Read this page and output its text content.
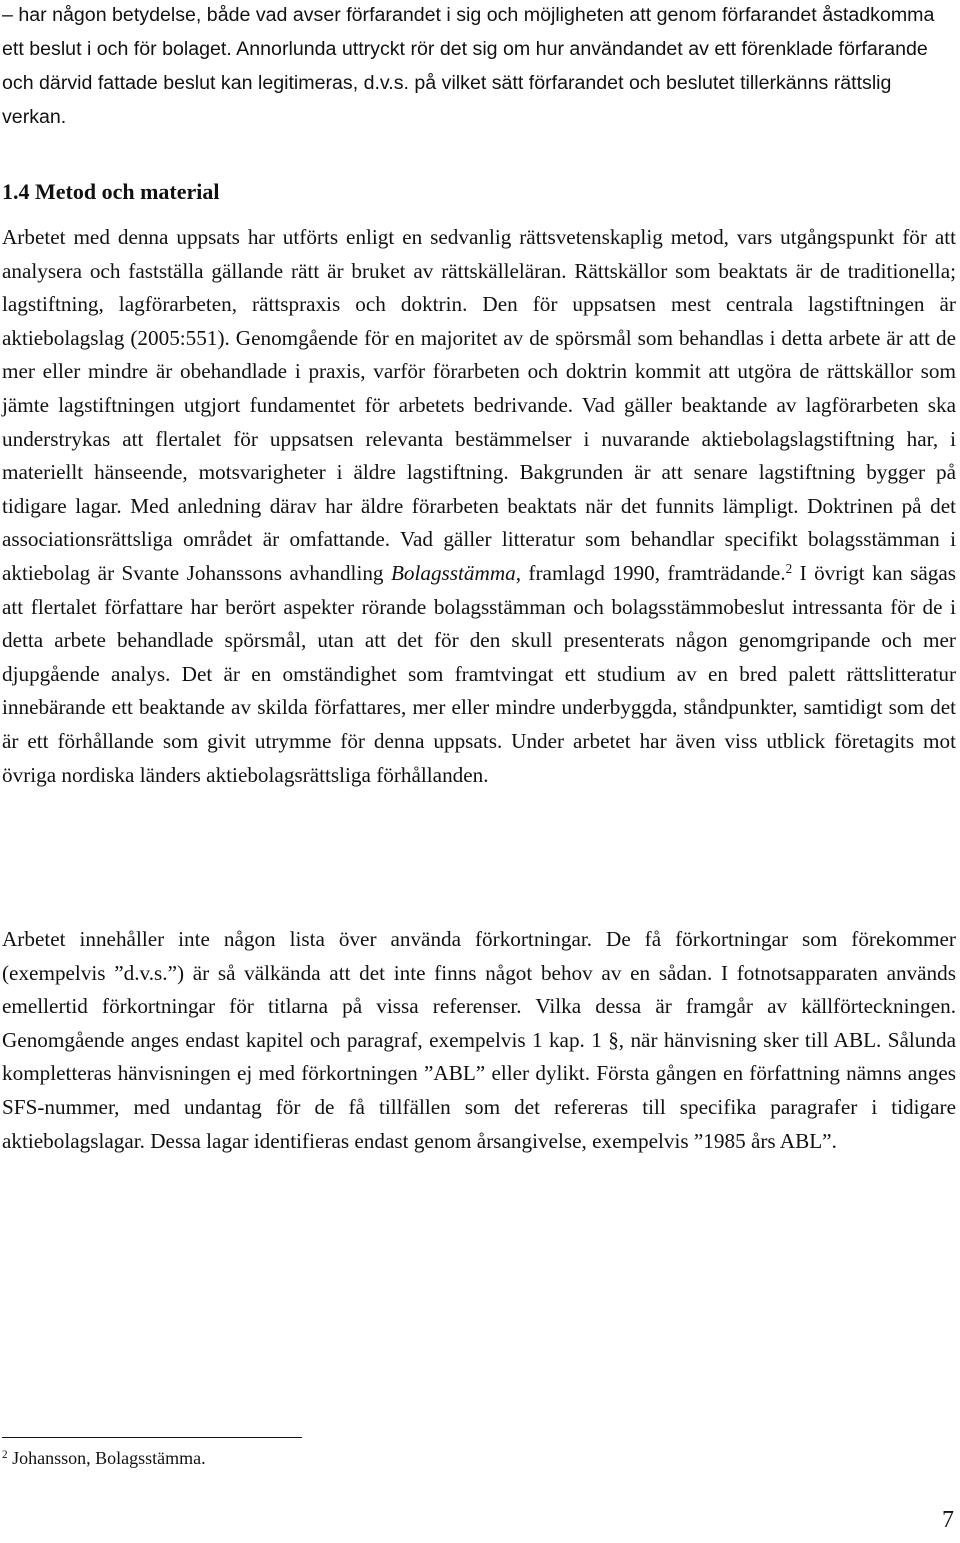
– har någon betydelse, både vad avser förfarandet i sig och möjligheten att genom förfarandet åstadkomma ett beslut i och för bolaget. Annorlunda uttryckt rör det sig om hur användandet av ett förenklade förfarande och därvid fattade beslut kan legitimeras, d.v.s. på vilket sätt förfarandet och beslutet tillerkänns rättslig verkan.

1.4 Metod och material

Arbetet med denna uppsats har utförts enligt en sedvanlig rättsvetenskaplig metod, vars utgångspunkt för att analysera och fastställa gällande rätt är bruket av rättskälleläran. Rättskällor som beaktats är de traditionella; lagstiftning, lagförarbeten, rättspraxis och doktrin. Den för uppsatsen mest centrala lagstiftningen är aktiebolagslag (2005:551). Genomgående för en majoritet av de spörsmål som behandlas i detta arbete är att de mer eller mindre är obehandlade i praxis, varför förarbeten och doktrin kommit att utgöra de rättskällor som jämte lagstiftningen utgjort fundamentet för arbetets bedrivande. Vad gäller beaktande av lagförarbeten ska understrykas att flertalet för uppsatsen relevanta bestämmelser i nuvarande aktiebolagslagstiftning har, i materiellt hänseende, motsvarigheter i äldre lagstiftning. Bakgrunden är att senare lagstiftning bygger på tidigare lagar. Med anledning därav har äldre förarbeten beaktats när det funnits lämpligt. Doktrinen på det associationsrättsliga området är omfattande. Vad gäller litteratur som behandlar specifikt bolagsstämman i aktiebolag är Svante Johanssons avhandling Bolagsstämma, framlagd 1990, framträdande.$^2$ I övrigt kan sägas att flertalet författare har berört aspekter rörande bolagsstämman och bolagsstämmobeslut intressanta för de i detta arbete behandlade spörsmål, utan att det för den skull presenterats någon genomgripande och mer djupgående analys. Det är en omständighet som framtvingat ett studium av en bred palett rättslitteratur innebärande ett beaktande av skilda författares, mer eller mindre underbyggda, ståndpunkter, samtidigt som det är ett förhållande som givit utrymme för denna uppsats. Under arbetet har även viss utblick företagits mot övriga nordiska länders aktiebolagsrättsliga förhållanden.

Arbetet innehåller inte någon lista över använda förkortningar. De få förkortningar som förekommer (exempelvis ”d.v.s.”) är så välkända att det inte finns något behov av en sådan. I fotnotsapparaten används emellertid förkortningar för titlarna på vissa referenser. Vilka dessa är framgår av källförteckningen. Genomgående anges endast kapitel och paragraf, exempelvis 1 kap. 1 §, när hänvisning sker till ABL. Sålunda kompletteras hänvisningen ej med förkortningen ”ABL” eller dylikt. Första gången en författning nämns anges SFS-nummer, med undantag för de få tillfällen som det refereras till specifika paragrafer i tidigare aktiebolagslagar. Dessa lagar identifieras endast genom årsangivelse, exempelvis ”1985 års ABL”.

$^2$ Johansson, Bolagsstämma.

7
